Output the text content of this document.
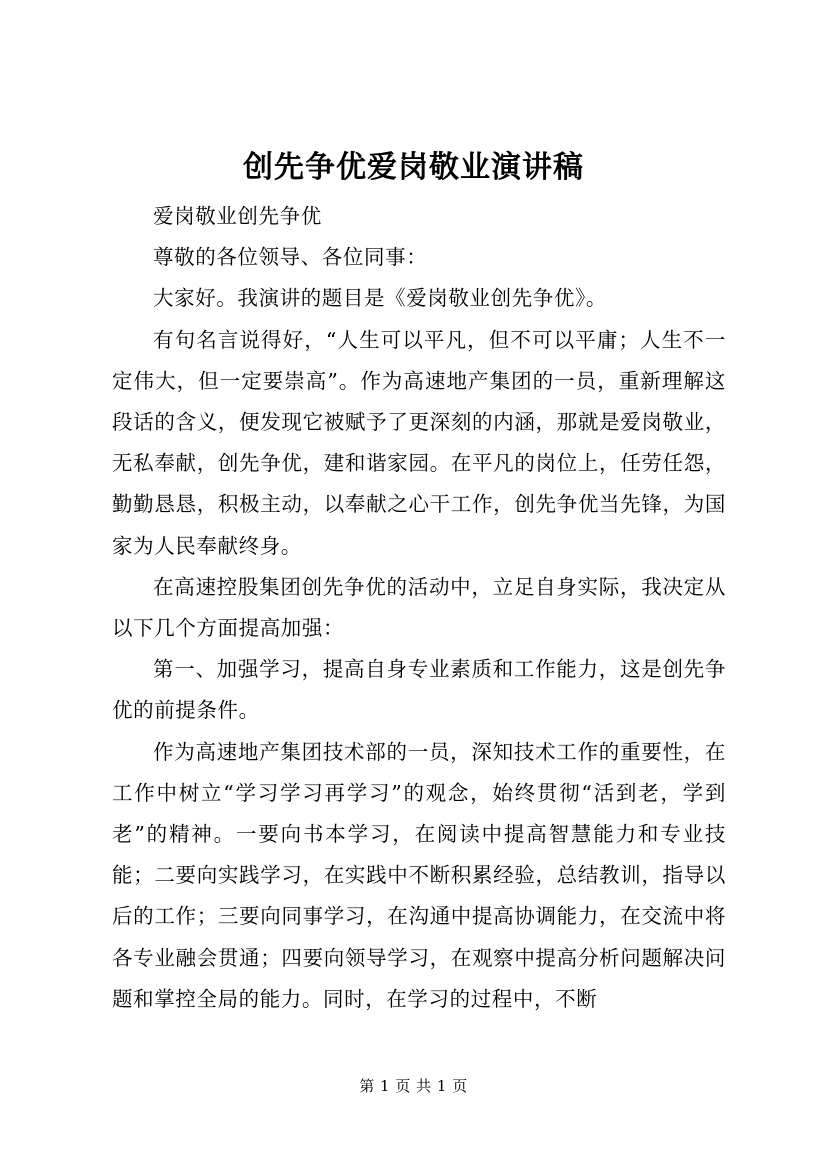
创先争优爱岗敬业演讲稿

爱岗敬业创先争优

尊敬的各位领导、各位同事：

大家好。我演讲的题目是《爱岗敬业创先争优》。

有句名言说得好，“人生可以平凡，但不可以平庸；人生不一定伟大，但一定要崇高”。作为高速地产集团的一员，重新理解这段话的含义，便发现它被赋予了更深刻的内涵，那就是爱岗敬业，无私奉献，创先争优，建和谐家园。在平凡的岗位上，任劳任怨，勤勤恳恳，积极主动，以奉献之心干工作，创先争优当先锋，为国家为人民奉献终身。

在高速控股集团创先争优的活动中，立足自身实际，我决定从以下几个方面提高加强：

第一、加强学习，提高自身专业素质和工作能力，这是创先争优的前提条件。

作为高速地产集团技术部的一员，深知技术工作的重要性，在工作中树立“学习学习再学习”的观念，始终贯彻“活到老，学到老”的精神。一要向书本学习，在阅读中提高智慧能力和专业技能；二要向实践学习，在实践中不断积累经验，总结教训，指导以后的工作；三要向同事学习，在沟通中提高协调能力，在交流中将各专业融会贯通；四要向领导学习，在观察中提高分析问题解决问题和掌控全局的能力。同时，在学习的过程中，不断

第 1 页 共 1 页
